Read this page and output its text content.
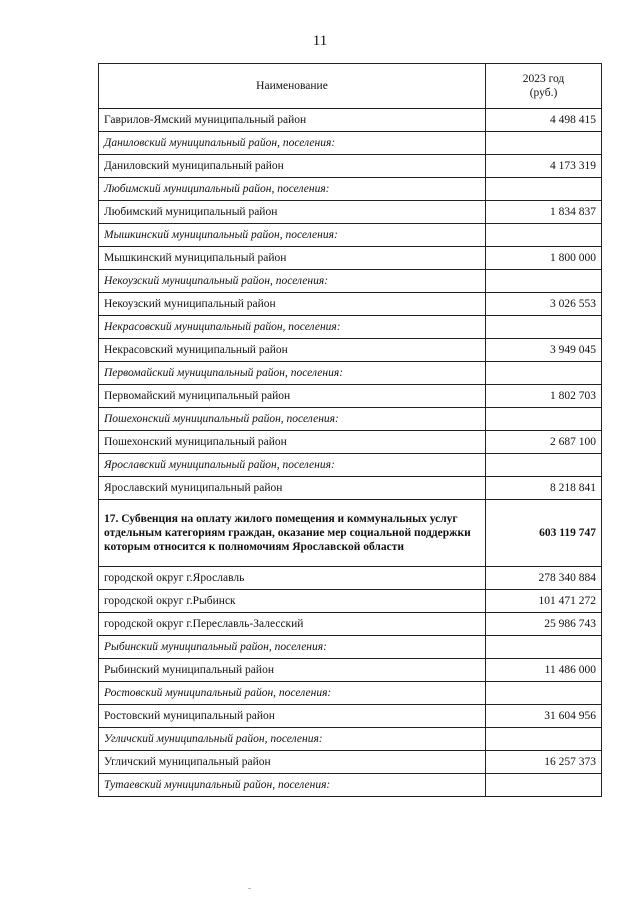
11
Наименование	2023 год
(руб.)
Гаврилов-Ямский муниципальный район	4 498 415
Даниловский муниципальный район, поселения:	
Даниловский муниципальный район	4 173 319
Любимский муниципальный район, поселения:	
Любимский муниципальный район	1 834 837
Мышкинский муниципальный район, поселения:	
Мышкинский муниципальный район	1 800 000
Некоузский муниципальный район, поселения:	
Некоузский муниципальный район	3 026 553
Некрасовский муниципальный район, поселения:	
Некрасовский муниципальный район	3 949 045
Первомайский муниципальный район, поселения:	
Первомайский муниципальный район	1 802 703
Пошехонский муниципальный район, поселения:	
Пошехонский муниципальный район	2 687 100
Ярославский муниципальный район, поселения:	
Ярославский муниципальный район	8 218 841
17. Субвенция на оплату жилого помещения и коммунальных услуг отдельным категориям граждан, оказание мер социальной поддержки которым относится к полномочиям Ярославской области	603 119 747
городской округ г.Ярославль	278 340 884
городской округ г.Рыбинск	101 471 272
городской округ г.Переславль-Залесский	25 986 743
Рыбинский муниципальный район, поселения:	
Рыбинский муниципальный район	11 486 000
Ростовский муниципальный район, поселения:	
Ростовский муниципальный район	31 604 956
Угличский муниципальный район, поселения:	
Угличский муниципальный район	16 257 373
Тутаевский муниципальный район, поселения:	
